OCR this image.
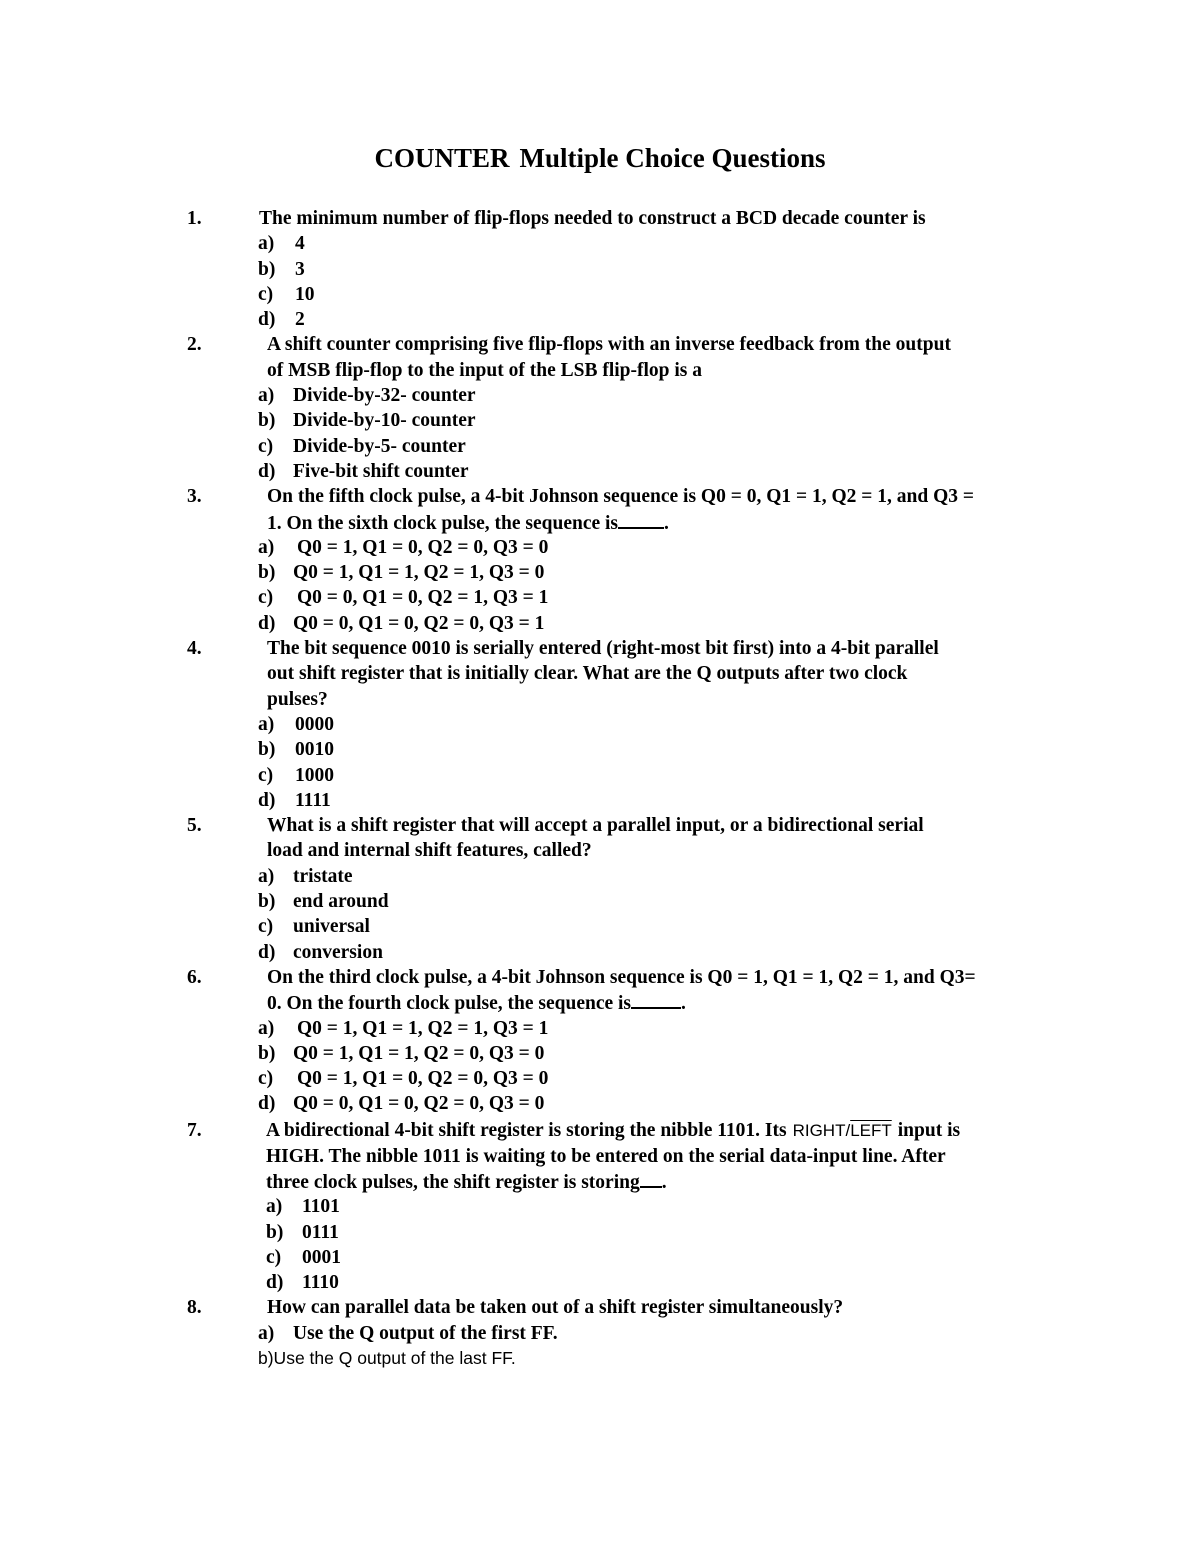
COUNTER Multiple Choice Questions
1.	The minimum number of flip-flops needed to construct a BCD decade counter is
a) 4
b) 3
c) 10
d) 2
2.	A shift counter comprising five flip-flops with an inverse feedback from the output
of MSB flip-flop to the input of the LSB flip-flop is a
a) Divide-by-32- counter
b) Divide-by-10- counter
c) Divide-by-5- counter
d) Five-bit shift counter
3.	On the fifth clock pulse, a 4-bit Johnson sequence is Q0 = 0, Q1 = 1, Q2 = 1, and Q3 =
1. On the sixth clock pulse, the sequence is .
a) Q0 = 1, Q1 = 0, Q2 = 0, Q3 = 0
b) Q0 = 1, Q1 = 1, Q2 = 1, Q3 = 0
c) Q0 = 0, Q1 = 0, Q2 = 1, Q3 = 1
d) Q0 = 0, Q1 = 0, Q2 = 0, Q3 = 1
4.	The bit sequence 0010 is serially entered (right-most bit first) into a 4-bit parallel
out shift register that is initially clear. What are the Q outputs after two clock
pulses?
a) 0000
b) 0010
c) 1000
d) 1111
5.	What is a shift register that will accept a parallel input, or a bidirectional serial
load and internal shift features, called?
a) tristate
b) end around
c) universal
d) conversion
6.	On the third clock pulse, a 4-bit Johnson sequence is Q0 = 1, Q1 = 1, Q2 = 1, and Q3=
0. On the fourth clock pulse, the sequence is	.
a) Q0 = 1, Q1 = 1, Q2 = 1, Q3 = 1
b) Q0 = 1, Q1 = 1, Q2 = 0, Q3 = 0
c) Q0 = 1, Q1 = 0, Q2 = 0, Q3 = 0
d) Q0 = 0, Q1 = 0, Q2 = 0, Q3 = 0
7.	A bidirectional 4-bit shift register is storing the nibble 1101. Its RIGHT/LEFT input is
HIGH. The nibble 1011 is waiting to be entered on the serial data-input line. After
three clock pulses, the shift register is storing .
a) 1101
b) 0111
c) 0001
d) 1110
8.	How can parallel data be taken out of a shift register simultaneously?
a) Use the Q output of the first FF.
b)Use the Q output of the last FF.
